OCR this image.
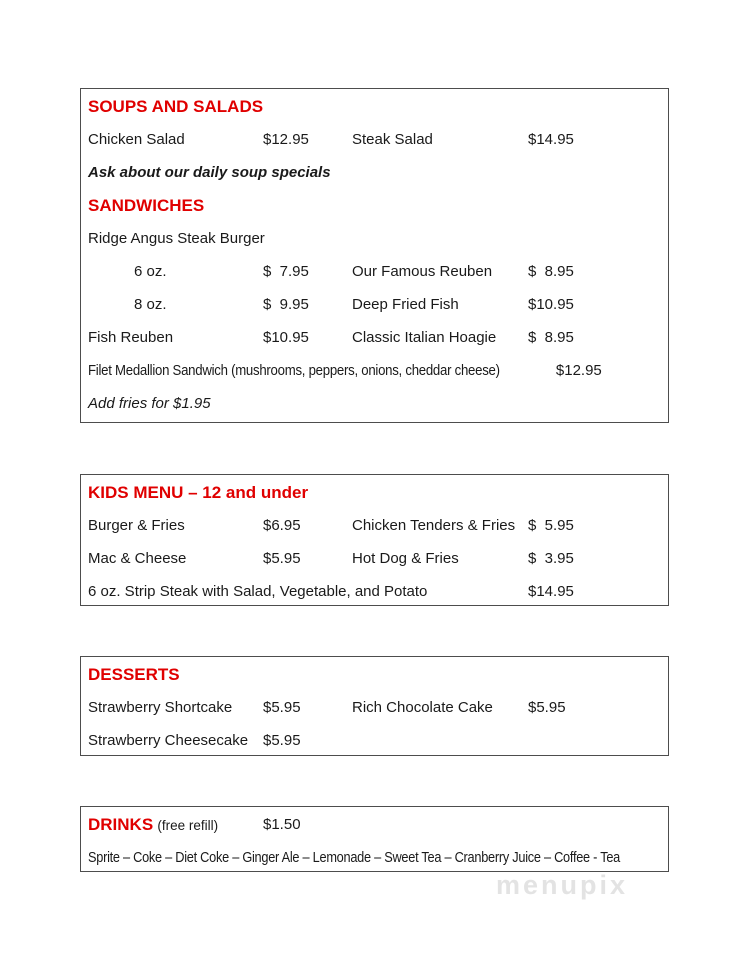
SOUPS AND SALADS
Chicken Salad	$12.95	Steak Salad	$14.95
Ask about our daily soup specials
SANDWICHES
Ridge Angus Steak Burger
6 oz.	$  7.95	Our Famous Reuben	$  8.95
8 oz.	$  9.95	Deep Fried Fish	$10.95
Fish Reuben	$10.95	Classic Italian Hoagie	$  8.95
Filet Medallion Sandwich (mushrooms, peppers, onions, cheddar cheese)	$12.95
Add fries for $1.95
KIDS MENU – 12 and under
Burger & Fries	$6.95	Chicken Tenders & Fries $  5.95
Mac & Cheese	$5.95	Hot Dog & Fries	$  3.95
6 oz. Strip Steak with Salad, Vegetable, and Potato	$14.95
DESSERTS
Strawberry Shortcake	$5.95	Rich Chocolate Cake	$5.95
Strawberry Cheesecake $5.95
DRINKS (free refill)	$1.50
Sprite – Coke – Diet Coke – Ginger Ale – Lemonade – Sweet Tea – Cranberry Juice – Coffee - Tea
menupix
